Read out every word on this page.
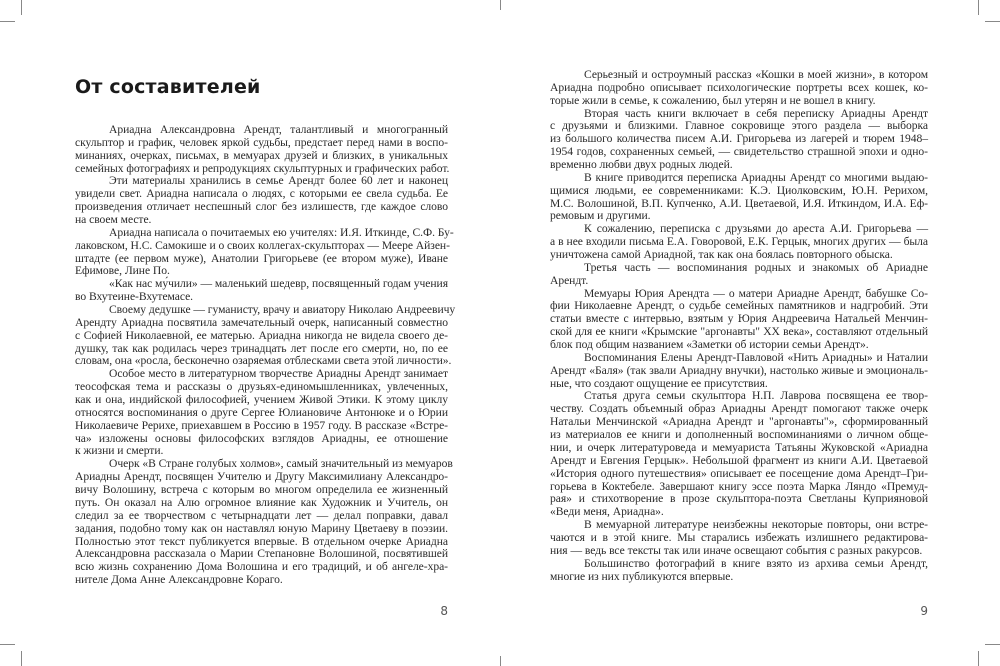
От составителей
Ариадна Александровна Арендт, талантливый и многогранный
скульптор и график, человек яркой судьбы, предстает перед нами в воспо-
минаниях, очерках, письмах, в мемуарах друзей и близких, в уникальных
семейных фотографиях и репродукциях скульптурных и графических работ.
Эти материалы хранились в семье Арендт более 60 лет и наконец
увидели свет. Ариадна написала о людях, с которыми ее свела судьба. Ее
произведения отличает неспешный слог без излишеств, где каждое слово
на своем месте.
Ариадна написала о почитаемых ею учителях: И.Я. Иткинде, С.Ф. Бу-
лаковском, Н.С. Самокише и о своих коллегах-скульпторах — Меере Айзен-
штадте (ее первом муже), Анатолии Григорьеве (ее втором муже), Иване
Ефимове, Лине По.
«Как нас му́чили» — маленький шедевр, посвященный годам учения
во Вхутеине-Вхутемасе.
Своему дедушке — гуманисту, врачу и авиатору Николаю Андреевичу
Арендту Ариадна посвятила замечательный очерк, написанный совместно
с Софией Николаевной, ее матерью. Ариадна никогда не видела своего де-
душку, так как родилась через тринадцать лет после его смерти, но, по ее
словам, она «росла, бесконечно озаряемая отблесками света этой личности».
Особое место в литературном творчестве Ариадны Арендт занимает
теософская тема и рассказы о друзьях-единомышленниках, увлеченных,
как и она, индийской философией, учением Живой Этики. К этому циклу
относятся воспоминания о друге Сергее Юлиановиче Антонюке и о Юрии
Николаевиче Рерихе, приехавшем в Россию в 1957 году. В рассказе «Встре-
ча» изложены основы философских взглядов Ариадны, ее отношение
к жизни и смерти.
Очерк «В Стране голубых холмов», самый значительный из мемуаров
Ариадны Арендт, посвящен Учителю и Другу Максимилиану Александро-
вичу Волошину, встреча с которым во многом определила ее жизненный
путь. Он оказал на Алю огромное влияние как Художник и Учитель, он
следил за ее творчеством с четырнадцати лет — делал поправки, давал
задания, подобно тому как он наставлял юную Марину Цветаеву в поэзии.
Полностью этот текст публикуется впервые. В отдельном очерке Ариадна
Александровна рассказала о Марии Степановне Волошиной, посвятившей
всю жизнь сохранению Дома Волошина и его традиций, и об ангеле-хра-
нителе Дома Анне Александровне Кораго.
8
Серьезный и остроумный рассказ «Кошки в моей жизни», в котором
Ариадна подробно описывает психологические портреты всех кошек, ко-
торые жили в семье, к сожалению, был утерян и не вошел в книгу.
Вторая часть книги включает в себя переписку Ариадны Арендт
с друзьями и близкими. Главное сокровище этого раздела — выборка
из большого количества писем А.И. Григорьева из лагерей и тюрем 1948–
1954 годов, сохраненных семьей, — свидетельство страшной эпохи и одно-
временно любви двух родных людей.
В книге приводится переписка Ариадны Арендт со многими выдаю-
щимися людьми, ее современниками: К.Э. Циолковским, Ю.Н. Рерихом,
М.С. Волошиной, В.П. Купченко, А.И. Цветаевой, И.Я. Иткиндом, И.А. Еф-
ремовым и другими.
К сожалению, переписка с друзьями до ареста А.И. Григорьева —
а в нее входили письма Е.А. Говоровой, Е.К. Герцык, многих других — была
уничтожена самой Ариадной, так как она боялась повторного обыска.
Третья часть — воспоминания родных и знакомых об Ариадне
Арендт.
Мемуары Юрия Арендта — о матери Ариадне Арендт, бабушке Со-
фии Николаевне Арендт, о судьбе семейных памятников и надгробий. Эти
статьи вместе с интервью, взятым у Юрия Андреевича Натальей Менчин-
ской для ее книги «Крымские "аргонавты" XX века», составляют отдельный
блок под общим названием «Заметки об истории семьи Арендт».
Воспоминания Елены Арендт-Павловой «Нить Ариадны» и Наталии
Арендт «Баля» (так звали Ариадну внучки), настолько живые и эмоциональ-
ные, что создают ощущение ее присутствия.
Статья друга семьи скульптора Н.П. Лаврова посвящена ее твор-
честву. Создать объемный образ Ариадны Арендт помогают также очерк
Натальи Менчинской «Ариадна Арендт и "аргонавты"», сформированный
из материалов ее книги и дополненный воспоминаниями о личном обще-
нии, и очерк литературоведа и мемуариста Татьяны Жуковской «Ариадна
Арендт и Евгения Герцык». Небольшой фрагмент из книги А.И. Цветаевой
«История одного путешествия» описывает ее посещение дома Арендт–Гри-
горьева в Коктебеле. Завершают книгу эссе поэта Марка Ляндо «Премуд-
рая» и стихотворение в прозе скульптора-поэта Светланы Куприяновой
«Веди меня, Ариадна».
В мемуарной литературе неизбежны некоторые повторы, они встре-
чаются и в этой книге. Мы старались избежать излишнего редактирова-
ния — ведь все тексты так или иначе освещают события с разных ракурсов.
Большинство фотографий в книге взято из архива семьи Арендт,
многие из них публикуются впервые.
9
